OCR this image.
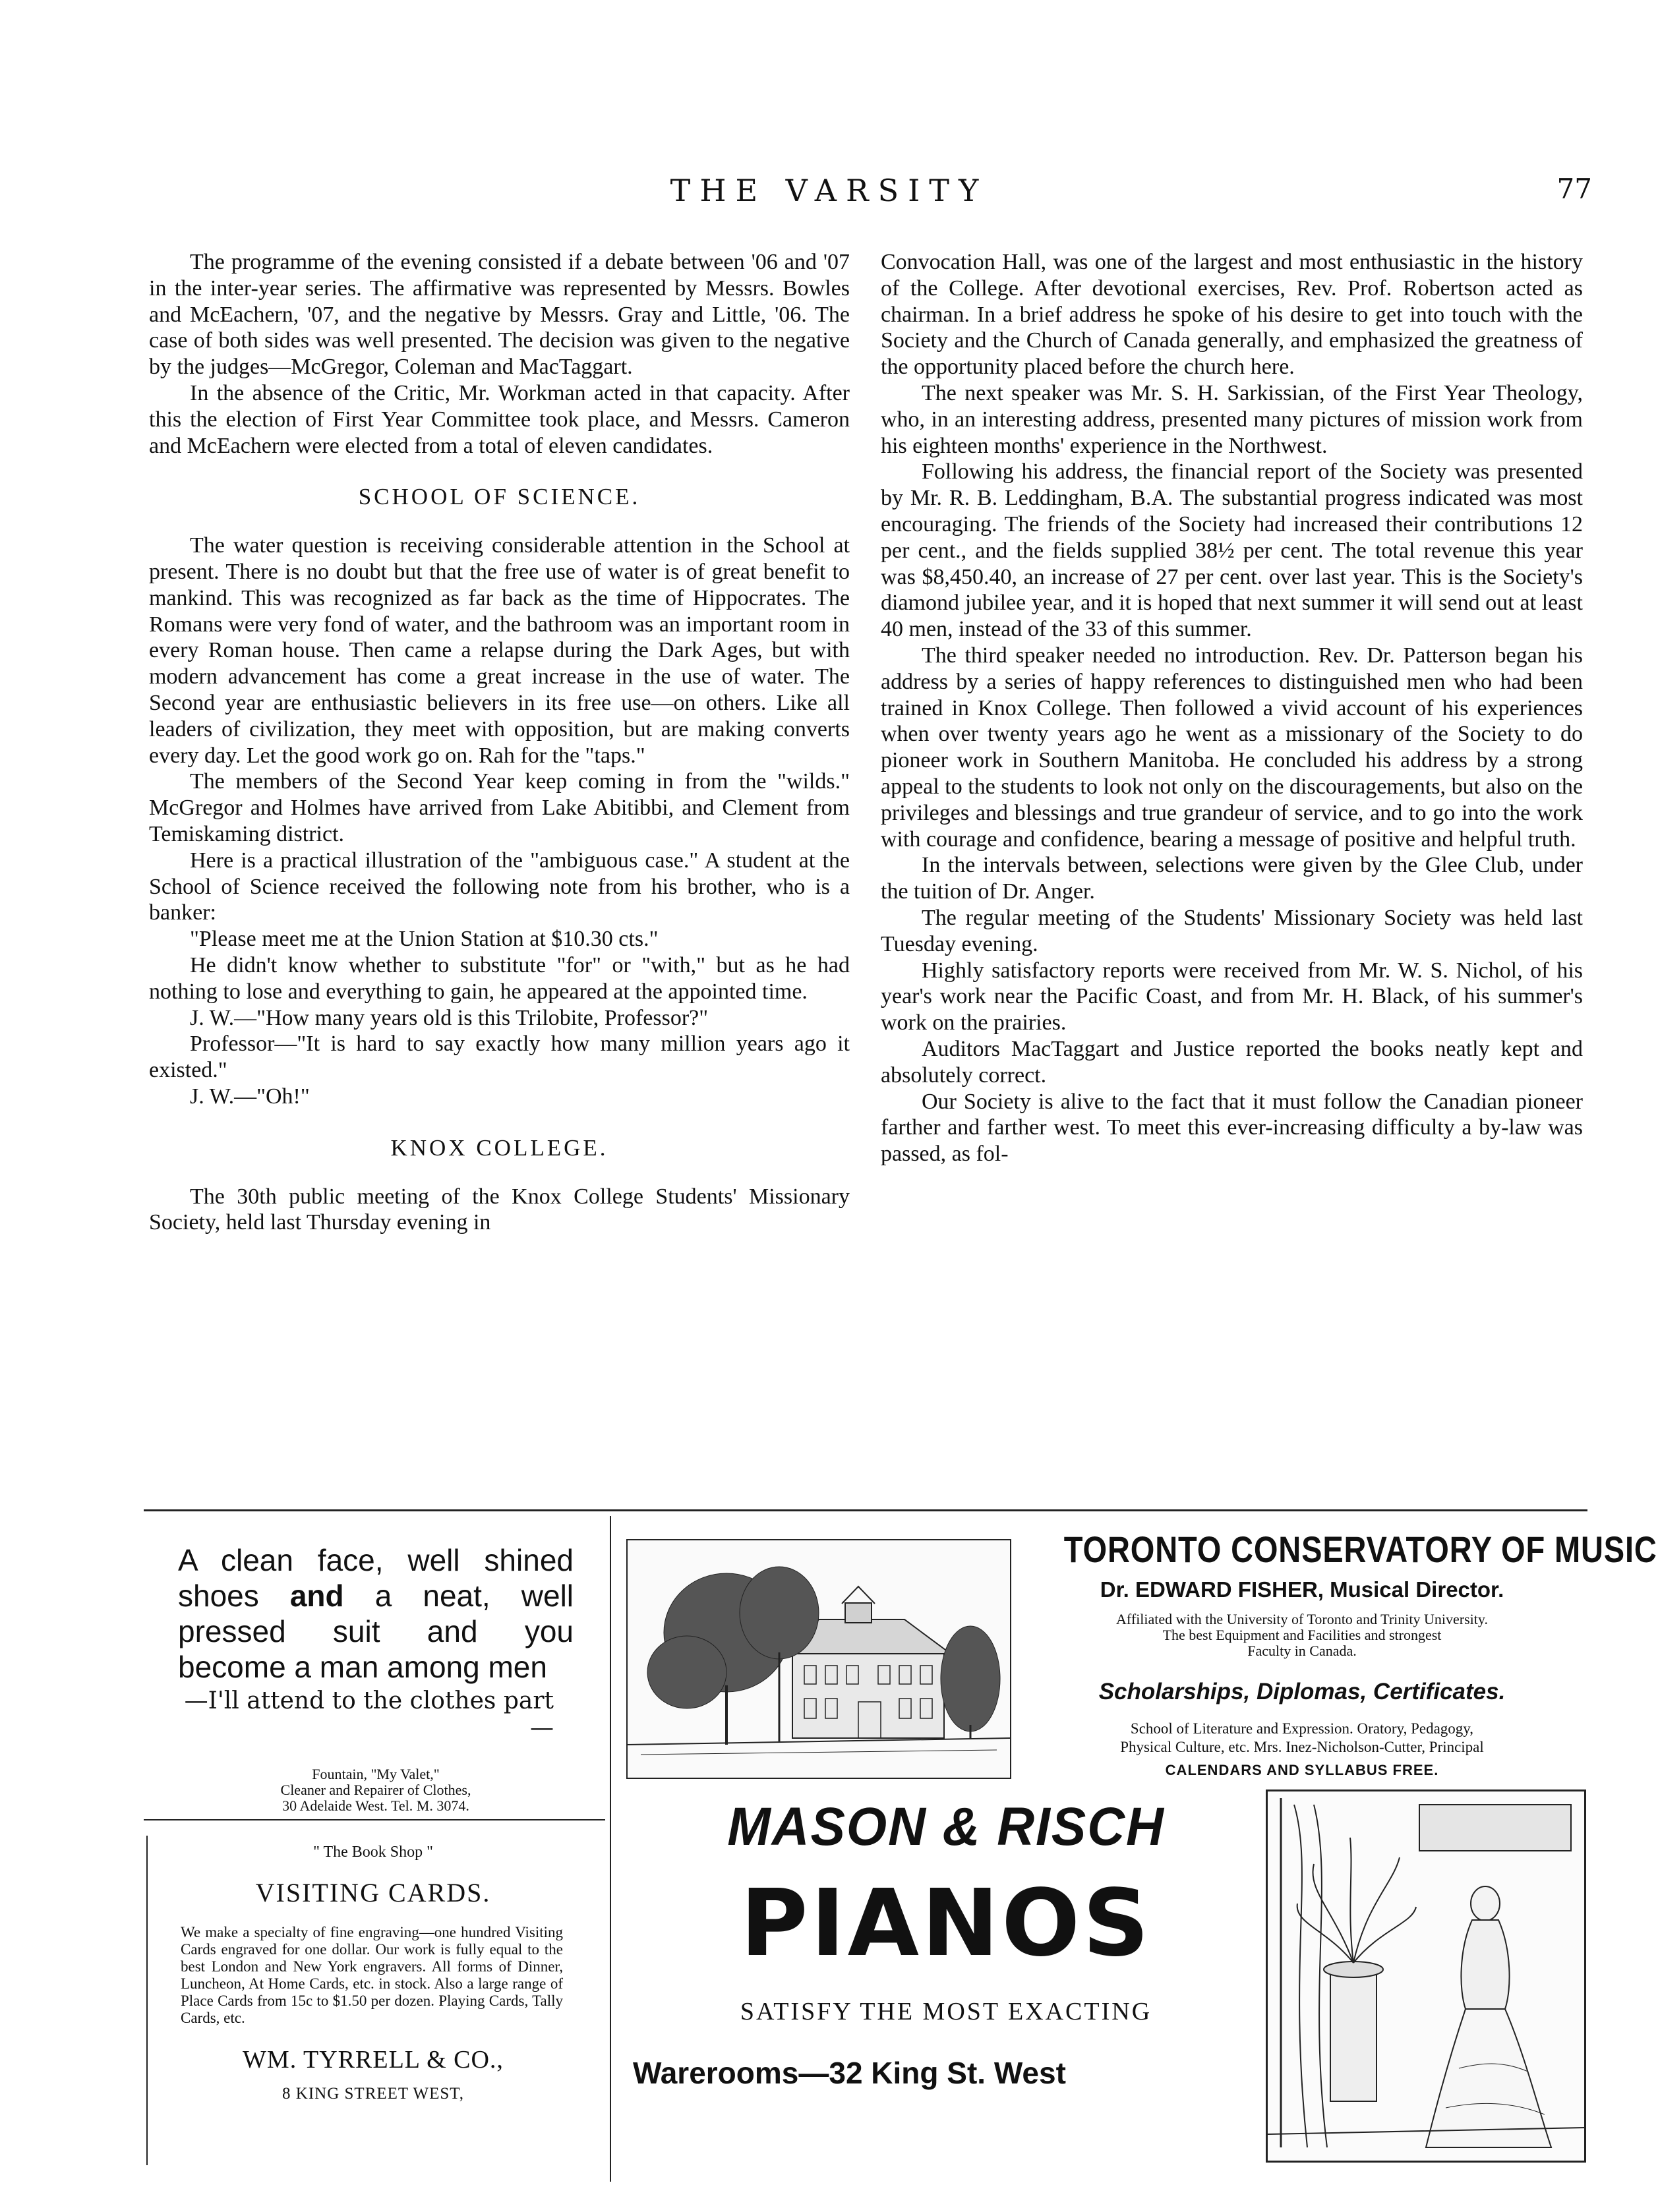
THE VARSITY	77

The programme of the evening consisted if a debate between '06 and '07 in the inter-year series. The affirmative was represented by Messrs. Bowles and McEachern, '07, and the negative by Messrs. Gray and Little, '06. The case of both sides was well presented. The decision was given to the negative by the judges—McGregor, Coleman and MacTaggart.

In the absence of the Critic, Mr. Workman acted in that capacity. After this the election of First Year Committee took place, and Messrs. Cameron and McEachern were elected from a total of eleven candidates.

SCHOOL OF SCIENCE.

The water question is receiving considerable attention in the School at present. There is no doubt but that the free use of water is of great benefit to mankind. This was recognized as far back as the time of Hippocrates. The Romans were very fond of water, and the bathroom was an important room in every Roman house. Then came a relapse during the Dark Ages, but with modern advancement has come a great increase in the use of water. The Second year are enthusiastic believers in its free use—on others. Like all leaders of civilization, they meet with opposition, but are making converts every day. Let the good work go on. Rah for the "taps."

The members of the Second Year keep coming in from the "wilds." McGregor and Holmes have arrived from Lake Abitibbi, and Clement from Temiskaming district.

Here is a practical illustration of the "ambiguous case." A student at the School of Science received the following note from his brother, who is a banker:

"Please meet me at the Union Station at $10.30 cts."

He didn't know whether to substitute "for" or "with," but as he had nothing to lose and everything to gain, he appeared at the appointed time.

J. W.—"How many years old is this Trilobite, Professor?"

Professor—"It is hard to say exactly how many million years ago it existed."

J. W.—"Oh!"

KNOX COLLEGE.

The 30th public meeting of the Knox College Students' Missionary Society, held last Thursday evening in

Convocation Hall, was one of the largest and most enthusiastic in the history of the College. After devotional exercises, Rev. Prof. Robertson acted as chairman. In a brief address he spoke of his desire to get into touch with the Society and the Church of Canada generally, and emphasized the greatness of the opportunity placed before the church here.

The next speaker was Mr. S. H. Sarkissian, of the First Year Theology, who, in an interesting address, presented many pictures of mission work from his eighteen months' experience in the Northwest.

Following his address, the financial report of the Society was presented by Mr. R. B. Leddingham, B.A. The substantial progress indicated was most encouraging. The friends of the Society had increased their contributions 12 per cent., and the fields supplied 38½ per cent. The total revenue this year was $8,450.40, an increase of 27 per cent. over last year. This is the Society's diamond jubilee year, and it is hoped that next summer it will send out at least 40 men, instead of the 33 of this summer.

The third speaker needed no introduction. Rev. Dr. Patterson began his address by a series of happy references to distinguished men who had been trained in Knox College. Then followed a vivid account of his experiences when over twenty years ago he went as a missionary of the Society to do pioneer work in Southern Manitoba. He concluded his address by a strong appeal to the students to look not only on the discouragements, but also on the privileges and blessings and true grandeur of service, and to go into the work with courage and confidence, bearing a message of positive and helpful truth.

In the intervals between, selections were given by the Glee Club, under the tuition of Dr. Anger.

The regular meeting of the Students' Missionary Society was held last Tuesday evening.

Highly satisfactory reports were received from Mr. W. S. Nichol, of his year's work near the Pacific Coast, and from Mr. H. Black, of his summer's work on the prairies.

Auditors MacTaggart and Justice reported the books neatly kept and absolutely correct.

Our Society is alive to the fact that it must follow the Canadian pioneer farther and farther west. To meet this ever-increasing difficulty a by-law was passed, as fol-

A clean face, well shined shoes and a neat, well pressed suit and you become a man among men

—I'll attend to the clothes part—
Fountain, "My Valet,"
Cleaner and Repairer of Clothes,
30 Adelaide West. Tel. M. 3074.
" The Book Shop "
VISITING CARDS.
We make a specialty of fine engraving—one hundred Visiting Cards engraved for one dollar. Our work is fully equal to the best London and New York engravers. All forms of Dinner, Luncheon, At Home Cards, etc. in stock. Also a large range of Place Cards from 15c to $1.50 per dozen. Playing Cards, Tally Cards, etc.
WM. TYRRELL & CO.,
8 KING STREET WEST,
TORONTO CONSERVATORY OF MUSIC
Dr. EDWARD FISHER, Musical Director.
Affiliated with the University of Toronto and Trinity University.
The best Equipment and Facilities and strongest
Faculty in Canada.
Scholarships, Diplomas, Certificates.
School of Literature and Expression. Oratory, Pedagogy,
Physical Culture, etc. Mrs. Inez-Nicholson-Cutter, Principal
CALENDARS AND SYLLABUS FREE.
MASON & RISCH
PIANOS
SATISFY THE MOST EXACTING
Warerooms—32 King St. West
